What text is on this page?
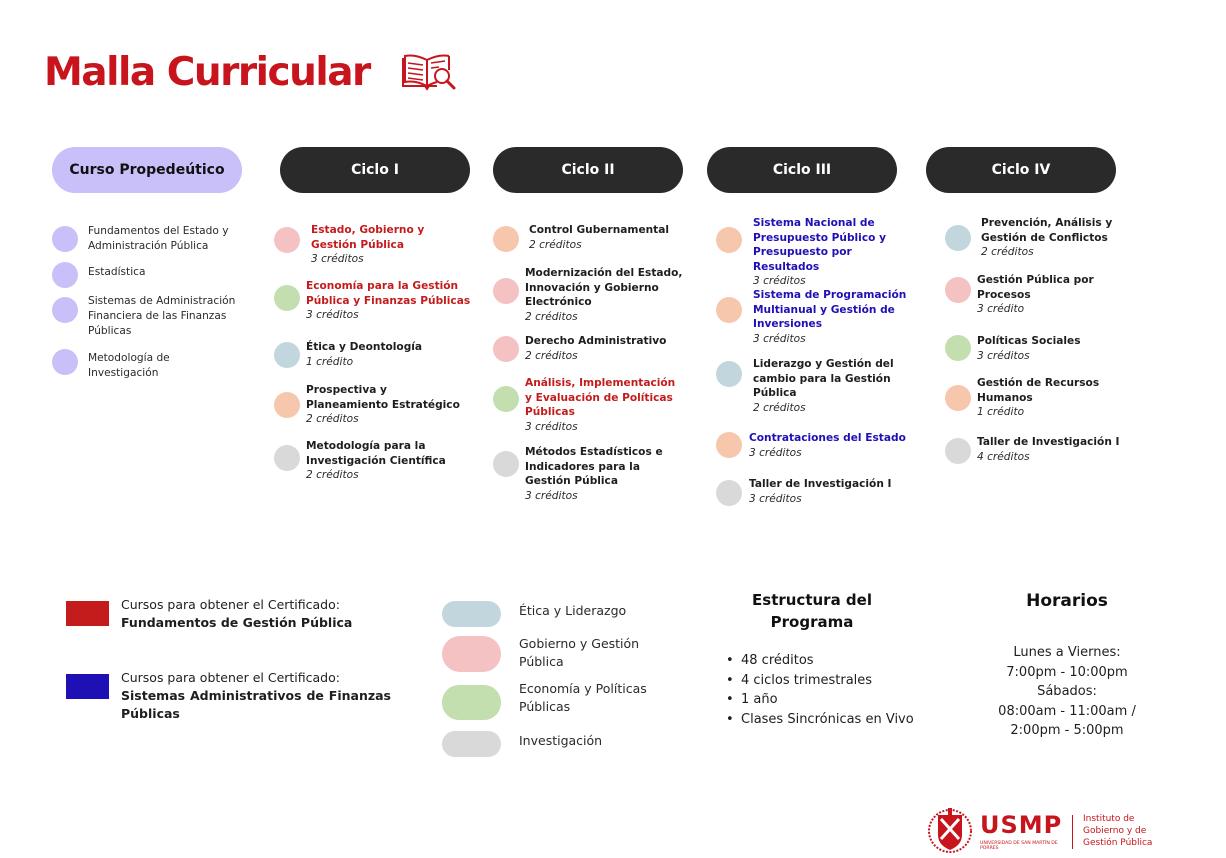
Malla Curricular
Curso Propedeútico
Fundamentos del Estado y Administración Pública
Estadística
Sistemas de Administración Financiera de las Finanzas Públicas
Metodología de Investigación
Ciclo I
Estado, Gobierno y Gestión Pública
3 créditos
Economía para la Gestión Pública y Finanzas Públicas
3 créditos
Ética y Deontología
1 crédito
Prospectiva y Planeamiento Estratégico
2 créditos
Metodología para la Investigación Científica
2 créditos
Ciclo II
Control Gubernamental
2 créditos
Modernización del Estado, Innovación y Gobierno Electrónico
2 créditos
Derecho Administrativo
2 créditos
Análisis, Implementación y Evaluación de Políticas Públicas
3 créditos
Métodos Estadísticos e Indicadores para la Gestión Pública
3 créditos
Ciclo III
Sistema Nacional de Presupuesto Público y Presupuesto por Resultados
3 créditos
Sistema de Programación Multianual y Gestión de Inversiones
3 créditos
Liderazgo y Gestión del cambio para la Gestión Pública
2 créditos
Contrataciones del Estado
3 créditos
Taller de Investigación I
3 créditos
Ciclo IV
Prevención, Análisis y Gestión de Conflictos
2 créditos
Gestión Pública por Procesos
3 crédito
Políticas Sociales
3 créditos
Gestión de Recursos Humanos
1 crédito
Taller de Investigación I
4 créditos
Cursos para obtener el Certificado:
Fundamentos de Gestión Pública
Cursos para obtener el Certificado:
Sistemas Administrativos de Finanzas Públicas
Ética y Liderazgo
Gobierno y Gestión Pública
Economía y Políticas Públicas
Investigación
Estructura del Programa
• 48 créditos
• 4 ciclos trimestrales
• 1 año
• Clases Sincrónicas en Vivo
Horarios
Lunes a Viernes:
7:00pm - 10:00pm
Sábados:
08:00am - 11:00am /
2:00pm - 5:00pm
USMP
UNIVERSIDAD DE SAN MARTÍN DE PORRES
Instituto de Gobierno y de Gestión Pública
